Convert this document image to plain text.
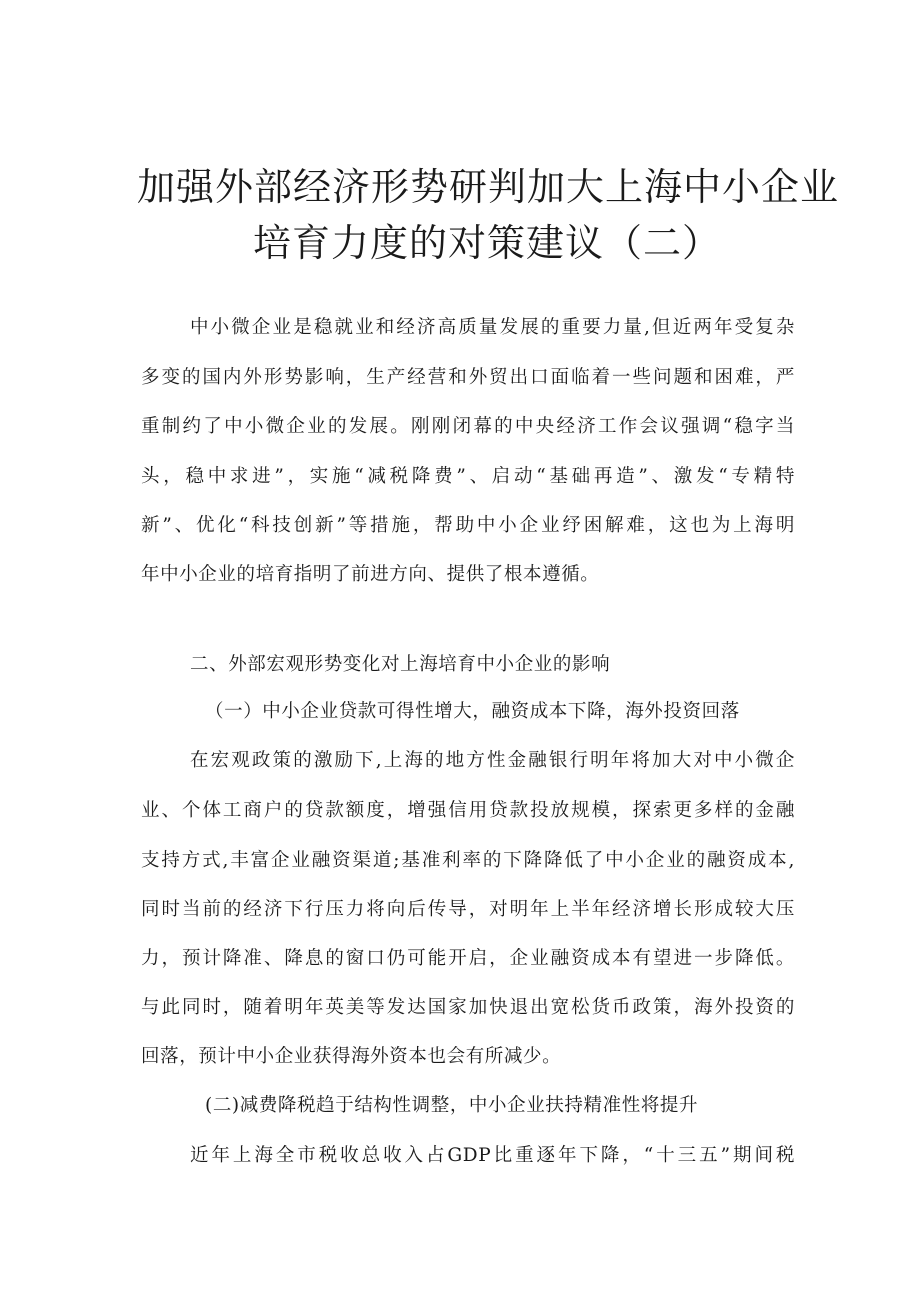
加强外部经济形势研判加大上海中小企业
培育力度的对策建议（二）
中小微企业是稳就业和经济高质量发展的重要力量,但近两年受复杂
多变的国内外形势影响，生产经营和外贸出口面临着一些问题和困难，严
重制约了中小微企业的发展。刚刚闭幕的中央经济工作会议强调“稳字当
头，稳中求进”，实施“减税降费”、启动“基础再造”、激发“专精特
新”、优化“科技创新”等措施，帮助中小企业纾困解难，这也为上海明
年中小企业的培育指明了前进方向、提供了根本遵循。
二、外部宏观形势变化对上海培育中小企业的影响
（一）中小企业贷款可得性增大，融资成本下降，海外投资回落
在宏观政策的激励下,上海的地方性金融银行明年将加大对中小微企
业、个体工商户的贷款额度，增强信用贷款投放规模，探索更多样的金融
支持方式,丰富企业融资渠道;基准利率的下降降低了中小企业的融资成本,
同时当前的经济下行压力将向后传导，对明年上半年经济增长形成较大压
力，预计降准、降息的窗口仍可能开启，企业融资成本有望进一步降低。
与此同时，随着明年英美等发达国家加快退出宽松货币政策，海外投资的
回落，预计中小企业获得海外资本也会有所减少。
(二)减费降税趋于结构性调整，中小企业扶持精准性将提升
近年上海全市税收总收入占GDP比重逐年下降，“十三五”期间税
